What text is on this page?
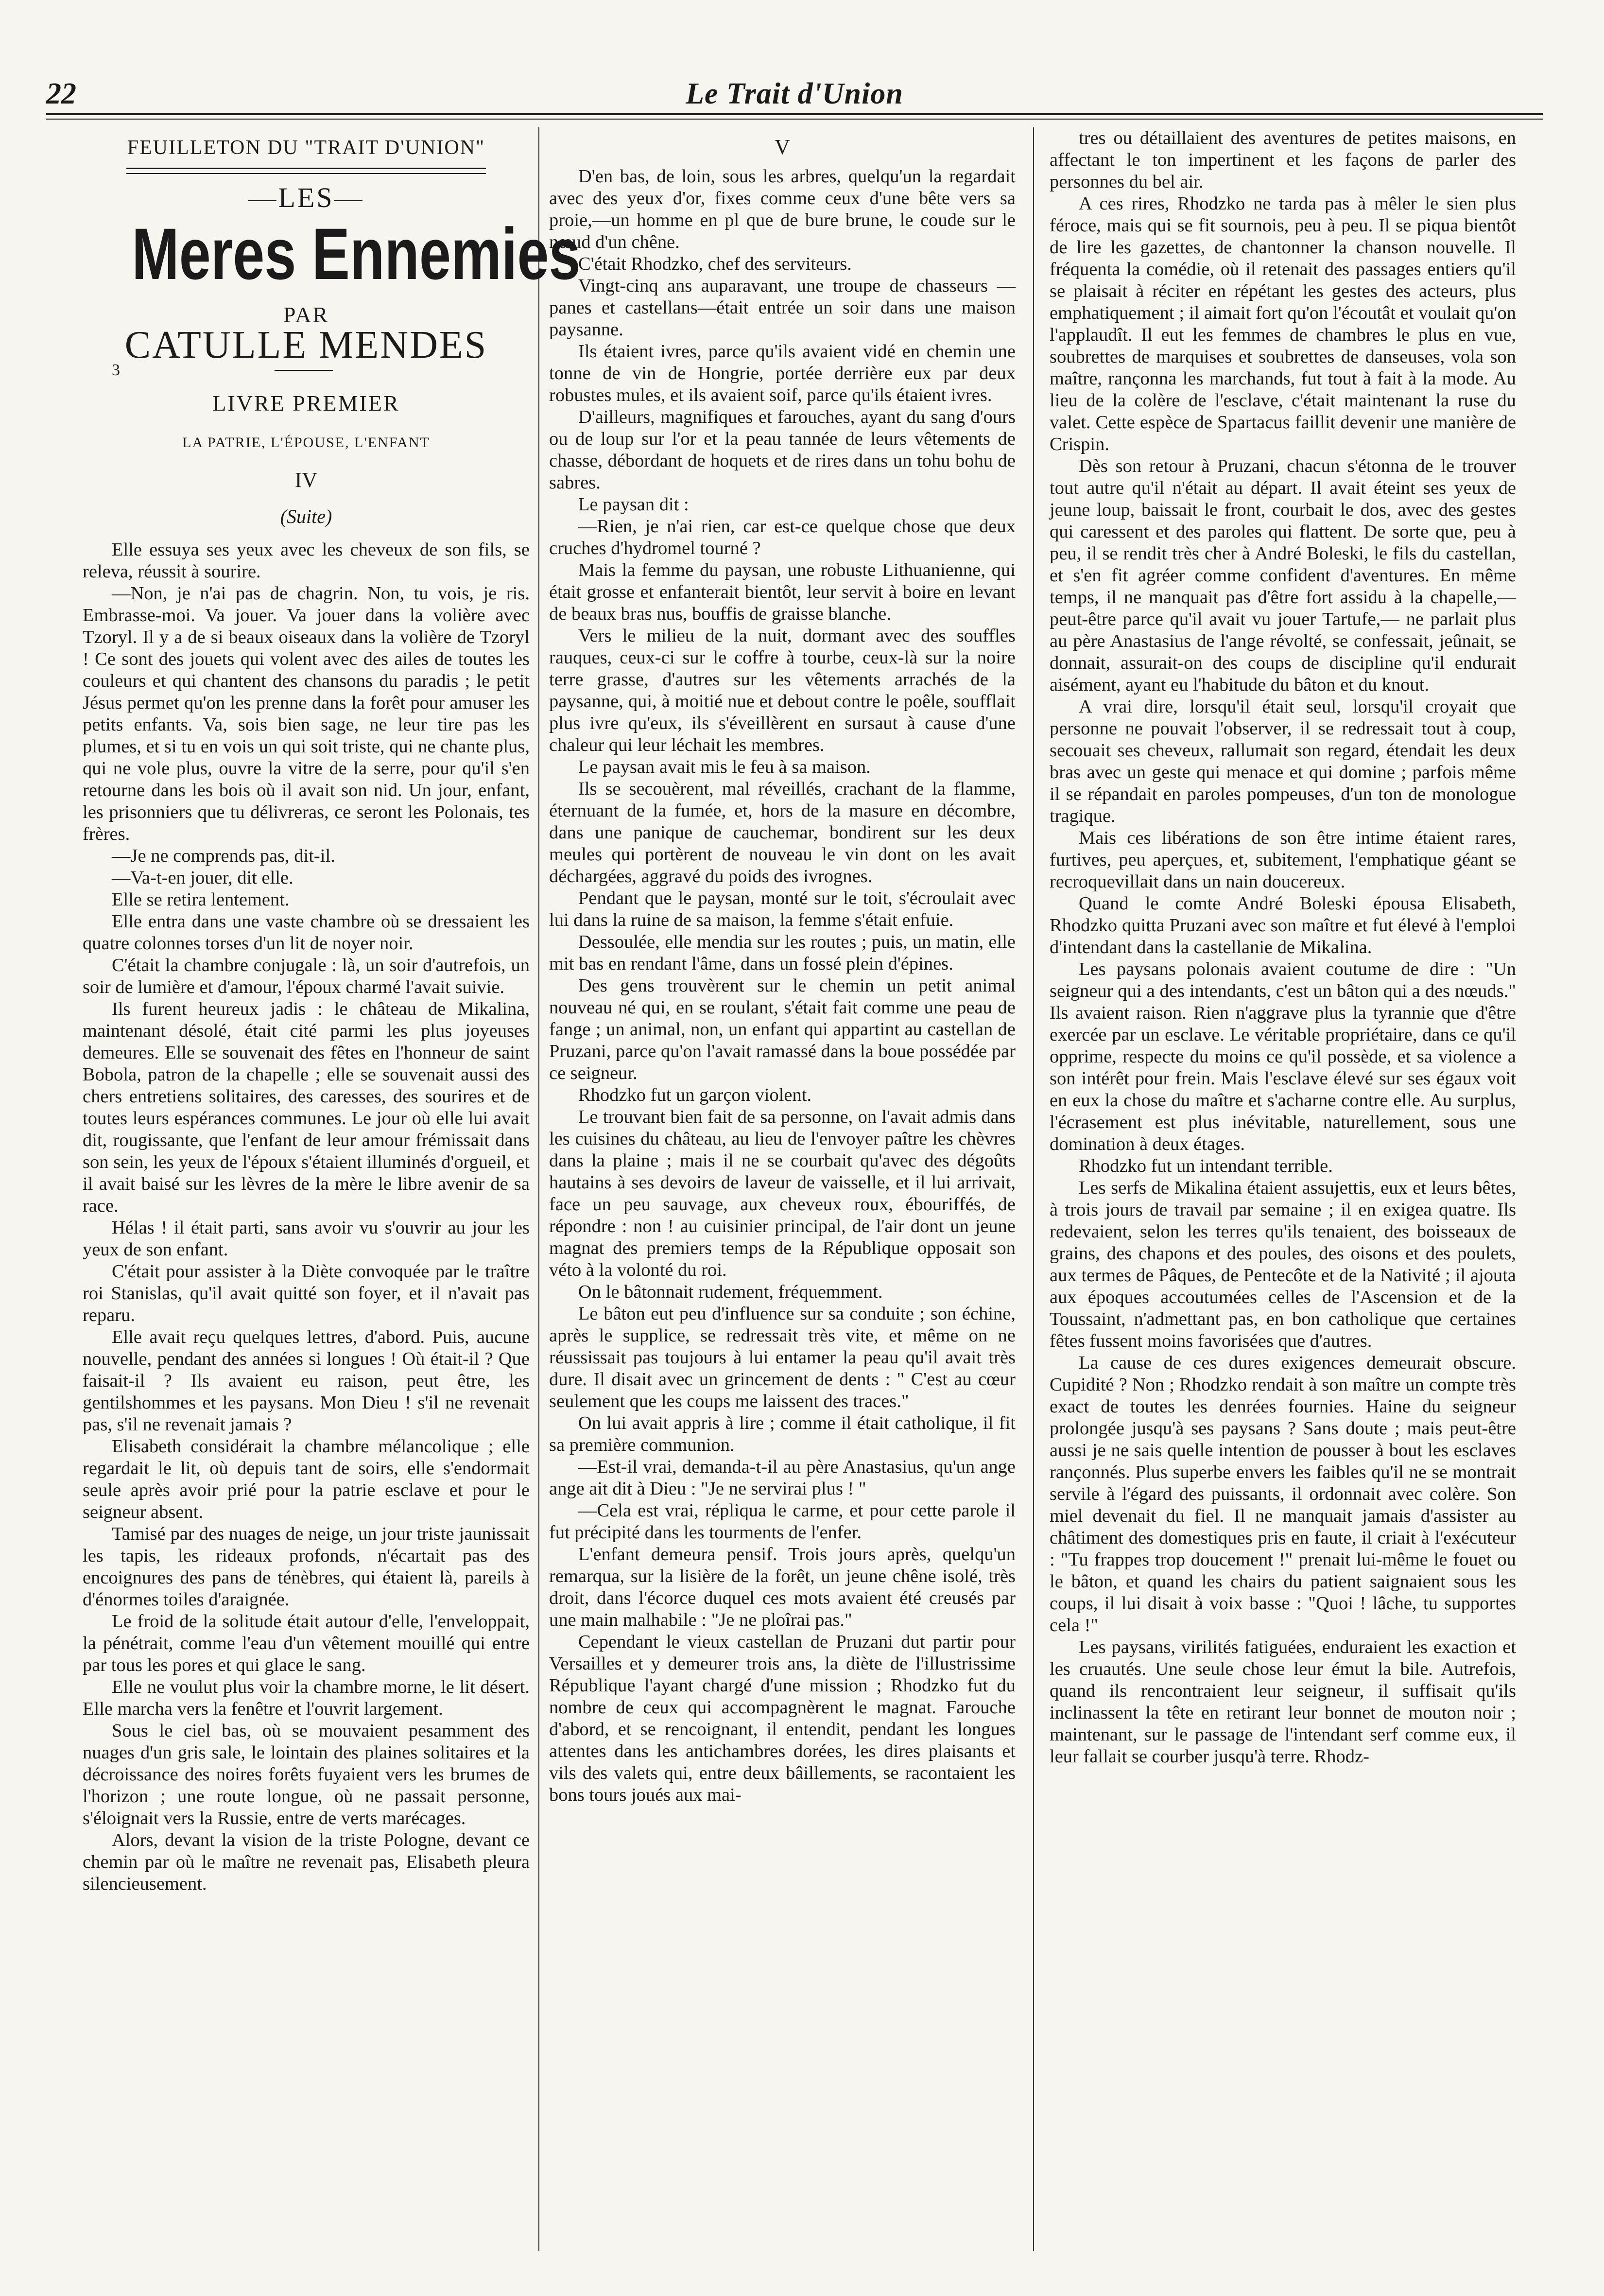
22	Le Trait d'Union
FEUILLETON DU "TRAIT D'UNION"
—LES—
Meres Ennemies
PAR
CATULLE MENDES
3
LIVRE PREMIER
LA PATRIE, L'ÉPOUSE, L'ENFANT
IV
(Suite)

Elle essuya ses yeux avec les cheveux de son fils, se releva, réussit à sourire.

—Non, je n'ai pas de chagrin. Non, tu vois, je ris. Embrasse-moi. Va jouer. Va jouer dans la volière avec Tzoryl. Il y a de si beaux oiseaux dans la volière de Tzoryl ! Ce sont des jouets qui volent avec des ailes de toutes les couleurs et qui chantent des chansons du paradis ; le petit Jésus permet qu'on les prenne dans la forêt pour amuser les petits enfants. Va, sois bien sage, ne leur tire pas les plumes, et si tu en vois un qui soit triste, qui ne chante plus, qui ne vole plus, ouvre la vitre de la serre, pour qu'il s'en retourne dans les bois où il avait son nid. Un jour, enfant, les prisonniers que tu délivreras, ce seront les Polonais, tes frères.

—Je ne comprends pas, dit-il.

—Va-t-en jouer, dit elle.

Elle se retira lentement.

Elle entra dans une vaste chambre où se dressaient les quatre colonnes torses d'un lit de noyer noir.

C'était la chambre conjugale : là, un soir d'autrefois, un soir de lumière et d'amour, l'époux charmé l'avait suivie.

Ils furent heureux jadis : le château de Mikalina, maintenant désolé, était cité parmi les plus joyeuses demeures. Elle se souvenait des fêtes en l'honneur de saint Bobola, patron de la chapelle ; elle se souvenait aussi des chers entretiens solitaires, des caresses, des sourires et de toutes leurs espérances communes. Le jour où elle lui avait dit, rougissante, que l'enfant de leur amour frémissait dans son sein, les yeux de l'époux s'étaient illuminés d'orgueil, et il avait baisé sur les lèvres de la mère le libre avenir de sa race.

Hélas ! il était parti, sans avoir vu s'ouvrir au jour les yeux de son enfant.

C'était pour assister à la Diète convoquée par le traître roi Stanislas, qu'il avait quitté son foyer, et il n'avait pas reparu.

Elle avait reçu quelques lettres, d'abord. Puis, aucune nouvelle, pendant des années si longues ! Où était-il ? Que faisait-il ? Ils avaient eu raison, peut être, les gentilshommes et les paysans. Mon Dieu ! s'il ne revenait pas, s'il ne revenait jamais ?

Elisabeth considérait la chambre mélancolique ; elle regardait le lit, où depuis tant de soirs, elle s'endormait seule après avoir prié pour la patrie esclave et pour le seigneur absent.

Tamisé par des nuages de neige, un jour triste jaunissait les tapis, les rideaux profonds, n'écartait pas des encoignures des pans de ténèbres, qui étaient là, pareils à d'énormes toiles d'araignée.

Le froid de la solitude était autour d'elle, l'enveloppait, la pénétrait, comme l'eau d'un vêtement mouillé qui entre par tous les pores et qui glace le sang.

Elle ne voulut plus voir la chambre morne, le lit désert. Elle marcha vers la fenêtre et l'ouvrit largement.

Sous le ciel bas, où se mouvaient pesamment des nuages d'un gris sale, le lointain des plaines solitaires et la décroissance des noires forêts fuyaient vers les brumes de l'horizon ; une route longue, où ne passait personne, s'éloignait vers la Russie, entre de verts marécages.

Alors, devant la vision de la triste Pologne, devant ce chemin par où le maître ne revenait pas, Elisabeth pleura silencieusement.

V

D'en bas, de loin, sous les arbres, quelqu'un la regardait avec des yeux d'or, fixes comme ceux d'une bête vers sa proie,—un homme en pl que de bure brune, le coude sur le nœud d'un chêne.

C'était Rhodzko, chef des serviteurs.

Vingt-cinq ans auparavant, une troupe de chasseurs — panes et castellans—était entrée un soir dans une maison paysanne.

Ils étaient ivres, parce qu'ils avaient vidé en chemin une tonne de vin de Hongrie, portée derrière eux par deux robustes mules, et ils avaient soif, parce qu'ils étaient ivres.

D'ailleurs, magnifiques et farouches, ayant du sang d'ours ou de loup sur l'or et la peau tannée de leurs vêtements de chasse, débordant de hoquets et de rires dans un tohu bohu de sabres.

Le paysan dit :

—Rien, je n'ai rien, car est-ce quelque chose que deux cruches d'hydromel tourné ?

Mais la femme du paysan, une robuste Lithuanienne, qui était grosse et enfanterait bientôt, leur servit à boire en levant de beaux bras nus, bouffis de graisse blanche.

Vers le milieu de la nuit, dormant avec des souffles rauques, ceux-ci sur le coffre à tourbe, ceux-là sur la noire terre grasse, d'autres sur les vêtements arrachés de la paysanne, qui, à moitié nue et debout contre le poêle, soufflait plus ivre qu'eux, ils s'éveillèrent en sursaut à cause d'une chaleur qui leur léchait les membres.

Le paysan avait mis le feu à sa maison.

Ils se secouèrent, mal réveillés, crachant de la flamme, éternuant de la fumée, et, hors de la masure en décombre, dans une panique de cauchemar, bondirent sur les deux meules qui portèrent de nouveau le vin dont on les avait déchargées, aggravé du poids des ivrognes.

Pendant que le paysan, monté sur le toit, s'écroulait avec lui dans la ruine de sa maison, la femme s'était enfuie.

Dessoulée, elle mendia sur les routes ; puis, un matin, elle mit bas en rendant l'âme, dans un fossé plein d'épines.

Des gens trouvèrent sur le chemin un petit animal nouveau né qui, en se roulant, s'était fait comme une peau de fange ; un animal, non, un enfant qui appartint au castellan de Pruzani, parce qu'on l'avait ramassé dans la boue possédée par ce seigneur.

Rhodzko fut un garçon violent.

Le trouvant bien fait de sa personne, on l'avait admis dans les cuisines du château, au lieu de l'envoyer paître les chèvres dans la plaine ; mais il ne se courbait qu'avec des dégoûts hautains à ses devoirs de laveur de vaisselle, et il lui arrivait, face un peu sauvage, aux cheveux roux, ébouriffés, de répondre : non ! au cuisinier principal, de l'air dont un jeune magnat des premiers temps de la République opposait son véto à la volonté du roi.

On le bâtonnait rudement, fréquemment.

Le bâton eut peu d'influence sur sa conduite ; son échine, après le supplice, se redressait très vite, et même on ne réussissait pas toujours à lui entamer la peau qu'il avait très dure. Il disait avec un grincement de dents : " C'est au cœur seulement que les coups me laissent des traces."

On lui avait appris à lire ; comme il était catholique, il fit sa première communion.

—Est-il vrai, demanda-t-il au père Anastasius, qu'un ange ange ait dit à Dieu : "Je ne servirai plus ! "

—Cela est vrai, répliqua le carme, et pour cette parole il fut précipité dans les tourments de l'enfer.

L'enfant demeura pensif. Trois jours après, quelqu'un remarqua, sur la lisière de la forêt, un jeune chêne isolé, très droit, dans l'écorce duquel ces mots avaient été creusés par une main malhabile : "Je ne ploîrai pas."

Cependant le vieux castellan de Pruzani dut partir pour Versailles et y demeurer trois ans, la diète de l'illustrissime République l'ayant chargé d'une mission ; Rhodzko fut du nombre de ceux qui accompagnèrent le magnat. Farouche d'abord, et se rencoignant, il entendit, pendant les longues attentes dans les antichambres dorées, les dires plaisants et vils des valets qui, entre deux bâillements, se racontaient les bons tours joués aux mai-

tres ou détaillaient des aventures de petites maisons, en affectant le ton impertinent et les façons de parler des personnes du bel air.

A ces rires, Rhodzko ne tarda pas à mêler le sien plus féroce, mais qui se fit sournois, peu à peu. Il se piqua bientôt de lire les gazettes, de chantonner la chanson nouvelle. Il fréquenta la comédie, où il retenait des passages entiers qu'il se plaisait à réciter en répétant les gestes des acteurs, plus emphatiquement ; il aimait fort qu'on l'écoutât et voulait qu'on l'applaudît. Il eut les femmes de chambres le plus en vue, soubrettes de marquises et soubrettes de danseuses, vola son maître, rançonna les marchands, fut tout à fait à la mode. Au lieu de la colère de l'esclave, c'était maintenant la ruse du valet. Cette espèce de Spartacus faillit devenir une manière de Crispin.

Dès son retour à Pruzani, chacun s'étonna de le trouver tout autre qu'il n'était au départ. Il avait éteint ses yeux de jeune loup, baissait le front, courbait le dos, avec des gestes qui caressent et des paroles qui flattent. De sorte que, peu à peu, il se rendit très cher à André Boleski, le fils du castellan, et s'en fit agréer comme confident d'aventures. En même temps, il ne manquait pas d'être fort assidu à la chapelle,— peut-être parce qu'il avait vu jouer Tartufe,— ne parlait plus au père Anastasius de l'ange révolté, se confessait, jeûnait, se donnait, assurait-on des coups de discipline qu'il endurait aisément, ayant eu l'habitude du bâton et du knout.

A vrai dire, lorsqu'il était seul, lorsqu'il croyait que personne ne pouvait l'observer, il se redressait tout à coup, secouait ses cheveux, rallumait son regard, étendait les deux bras avec un geste qui menace et qui domine ; parfois même il se répandait en paroles pompeuses, d'un ton de monologue tragique.

Mais ces libérations de son être intime étaient rares, furtives, peu aperçues, et, subitement, l'emphatique géant se recroquevillait dans un nain doucereux.

Quand le comte André Boleski épousa Elisabeth, Rhodzko quitta Pruzani avec son maître et fut élevé à l'emploi d'intendant dans la castellanie de Mikalina.

Les paysans polonais avaient coutume de dire : "Un seigneur qui a des intendants, c'est un bâton qui a des nœuds." Ils avaient raison. Rien n'aggrave plus la tyrannie que d'être exercée par un esclave. Le véritable propriétaire, dans ce qu'il opprime, respecte du moins ce qu'il possède, et sa violence a son intérêt pour frein. Mais l'esclave élevé sur ses égaux voit en eux la chose du maître et s'acharne contre elle. Au surplus, l'écrasement est plus inévitable, naturellement, sous une domination à deux étages.

Rhodzko fut un intendant terrible.

Les serfs de Mikalina étaient assujettis, eux et leurs bêtes, à trois jours de travail par semaine ; il en exigea quatre. Ils redevaient, selon les terres qu'ils tenaient, des boisseaux de grains, des chapons et des poules, des oisons et des poulets, aux termes de Pâques, de Pentecôte et de la Nativité ; il ajouta aux époques accoutumées celles de l'Ascension et de la Toussaint, n'admettant pas, en bon catholique que certaines fêtes fussent moins favorisées que d'autres.

La cause de ces dures exigences demeurait obscure. Cupidité ? Non ; Rhodzko rendait à son maître un compte très exact de toutes les denrées fournies. Haine du seigneur prolongée jusqu'à ses paysans ? Sans doute ; mais peut-être aussi je ne sais quelle intention de pousser à bout les esclaves rançonnés. Plus superbe envers les faibles qu'il ne se montrait servile à l'égard des puissants, il ordonnait avec colère. Son miel devenait du fiel. Il ne manquait jamais d'assister au châtiment des domestiques pris en faute, il criait à l'exécuteur : "Tu frappes trop doucement !" prenait lui-même le fouet ou le bâton, et quand les chairs du patient saignaient sous les coups, il lui disait à voix basse : "Quoi ! lâche, tu supportes cela !"

Les paysans, virilités fatiguées, enduraient les exaction et les cruautés. Une seule chose leur émut la bile. Autrefois, quand ils rencontraient leur seigneur, il suffisait qu'ils inclinassent la tête en retirant leur bonnet de mouton noir ; maintenant, sur le passage de l'intendant serf comme eux, il leur fallait se courber jusqu'à terre. Rhodz-
